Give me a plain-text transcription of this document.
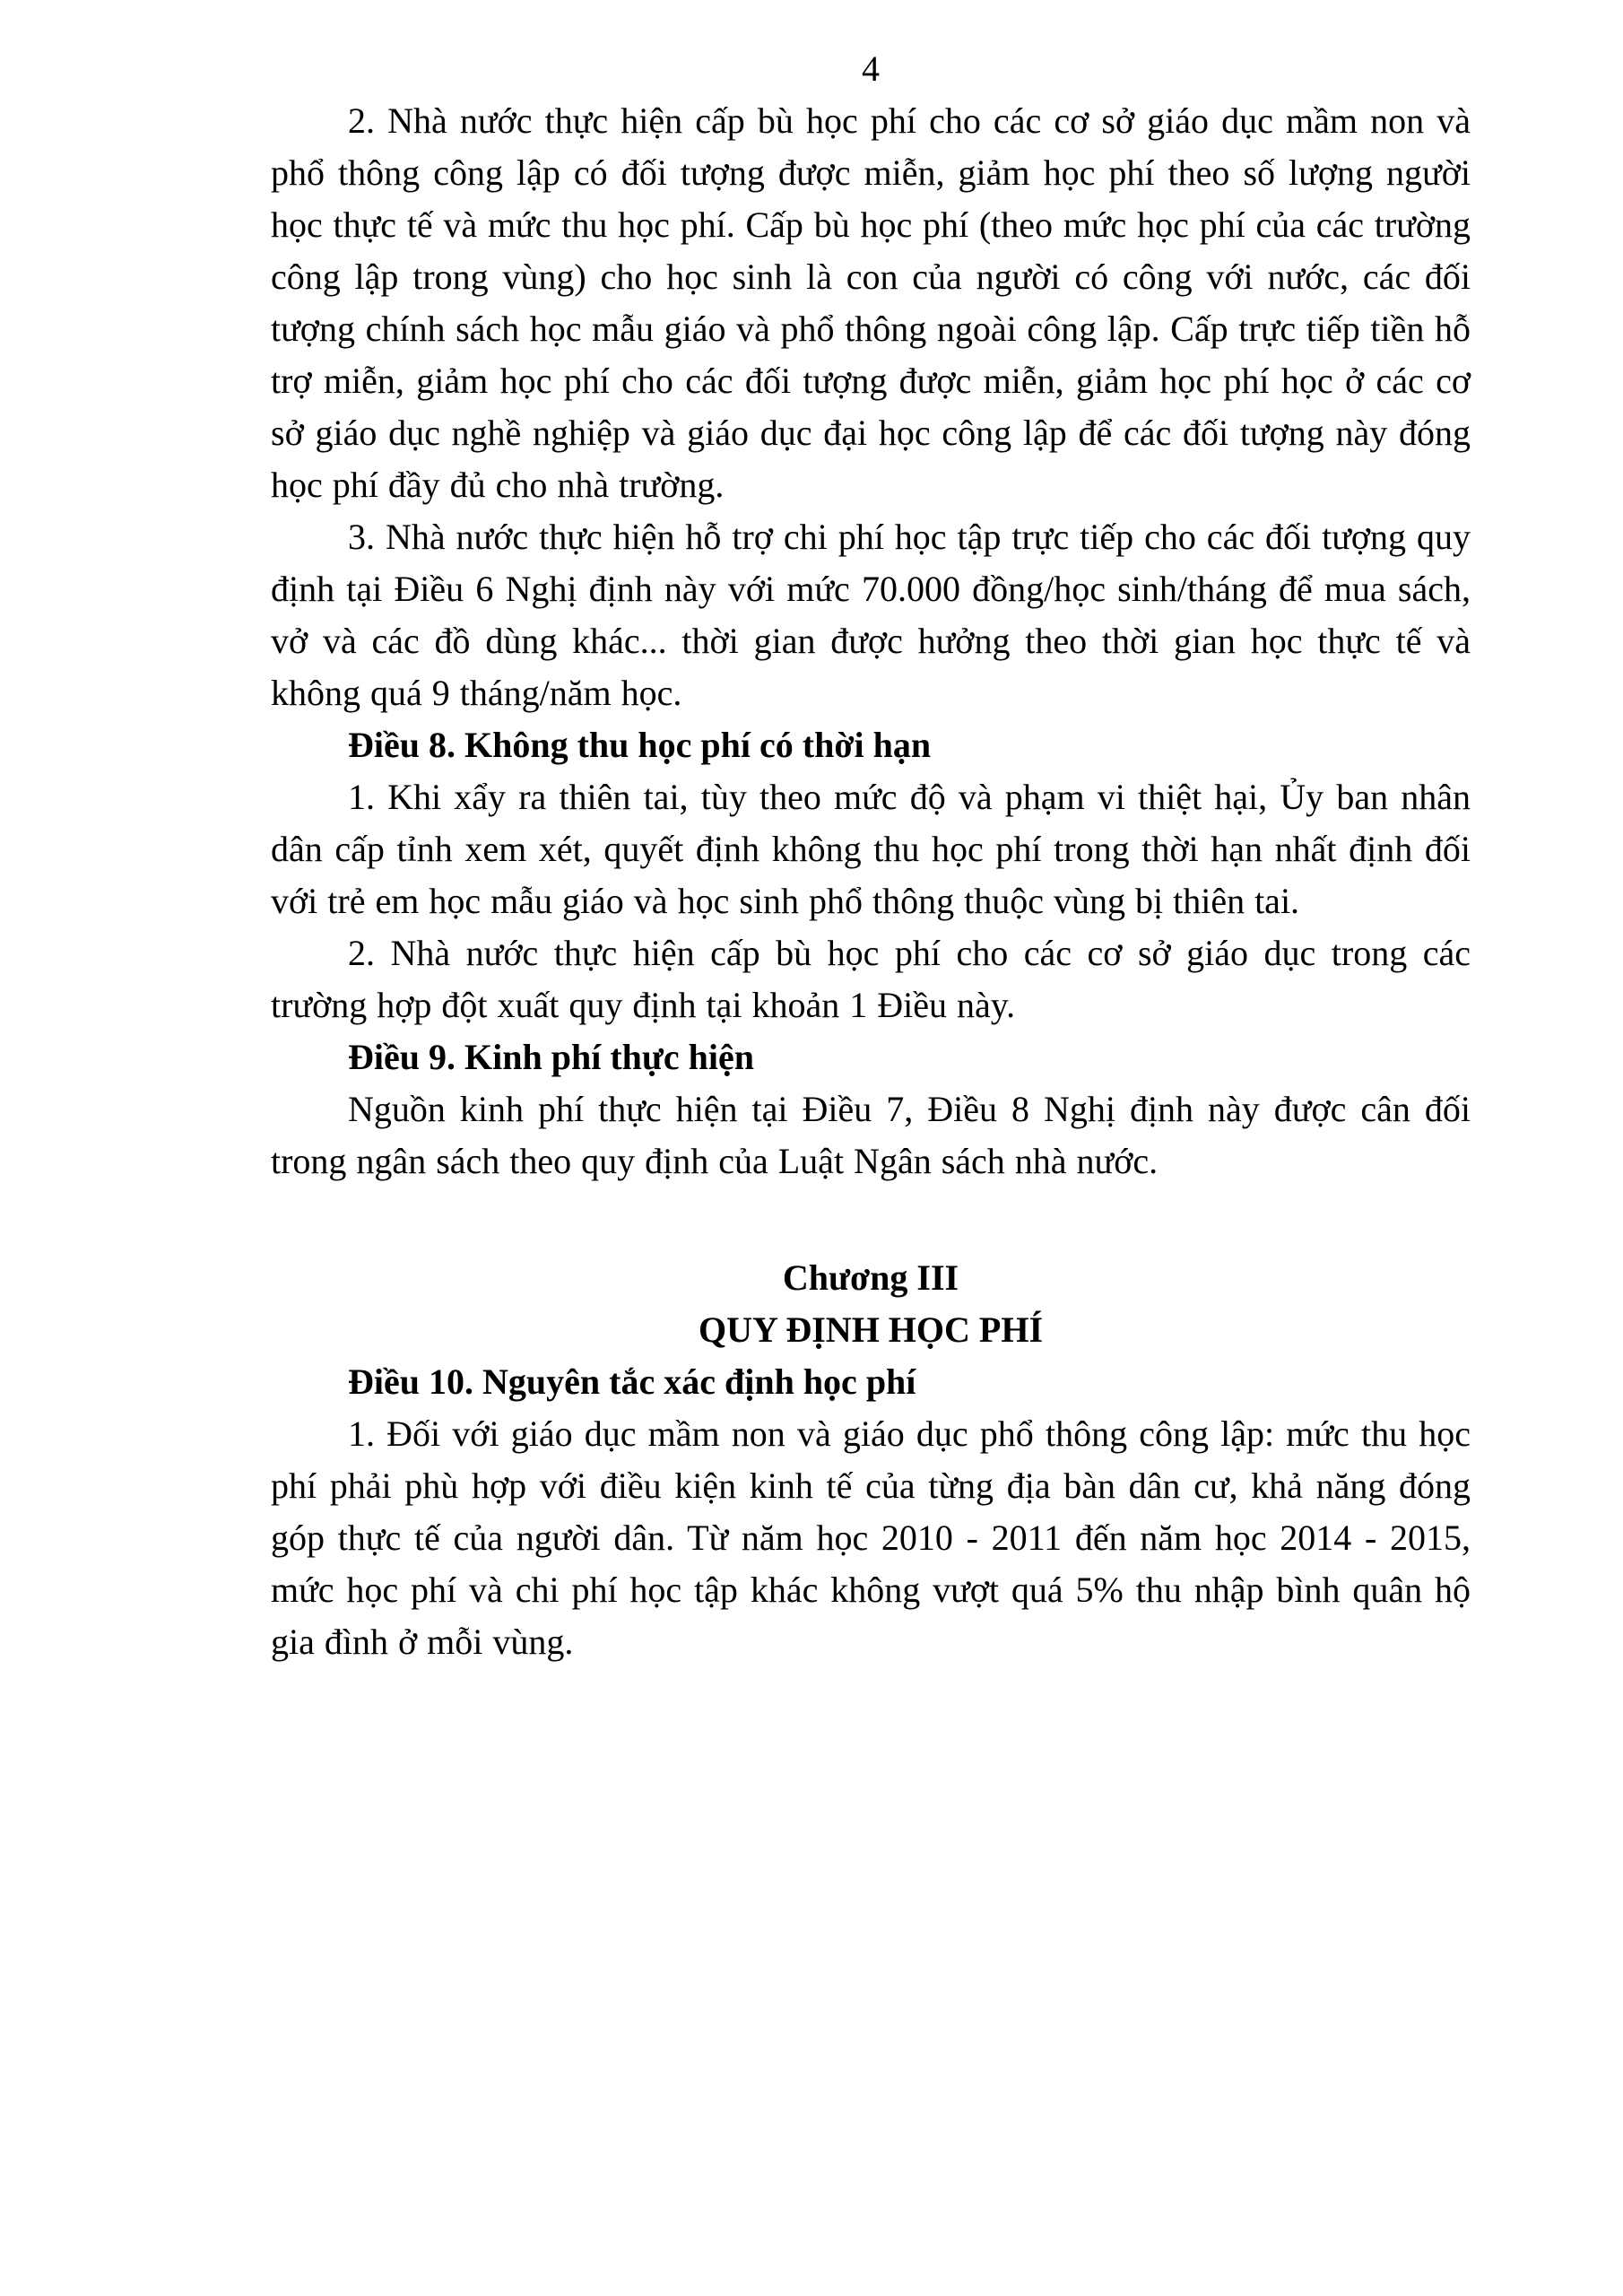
4

2. Nhà nước thực hiện cấp bù học phí cho các cơ sở giáo dục mầm non và phổ thông công lập có đối tượng được miễn, giảm học phí theo số lượng người học thực tế và mức thu học phí. Cấp bù học phí (theo mức học phí của các trường công lập trong vùng) cho học sinh là con của người có công với nước, các đối tượng chính sách học mẫu giáo và phổ thông ngoài công lập. Cấp trực tiếp tiền hỗ trợ miễn, giảm học phí cho các đối tượng được miễn, giảm học phí học ở các cơ sở giáo dục nghề nghiệp và giáo dục đại học công lập để các đối tượng này đóng học phí đầy đủ cho nhà trường.

3. Nhà nước thực hiện hỗ trợ chi phí học tập trực tiếp cho các đối tượng quy định tại Điều 6 Nghị định này với mức 70.000 đồng/học sinh/tháng để mua sách, vở và các đồ dùng khác... thời gian được hưởng theo thời gian học thực tế và không quá 9 tháng/năm học.

Điều 8. Không thu học phí có thời hạn

1. Khi xẩy ra thiên tai, tùy theo mức độ và phạm vi thiệt hại, Ủy ban nhân dân cấp tỉnh xem xét, quyết định không thu học phí trong thời hạn nhất định đối với trẻ em học mẫu giáo và học sinh phổ thông thuộc vùng bị thiên tai.

2. Nhà nước thực hiện cấp bù học phí cho các cơ sở giáo dục trong các trường hợp đột xuất quy định tại khoản 1 Điều này.

Điều 9. Kinh phí thực hiện

Nguồn kinh phí thực hiện tại Điều 7, Điều 8 Nghị định này được cân đối trong ngân sách theo quy định của Luật Ngân sách nhà nước.

Chương III

QUY ĐỊNH HỌC PHÍ

Điều 10. Nguyên tắc xác định học phí

1. Đối với giáo dục mầm non và giáo dục phổ thông công lập: mức thu học phí phải phù hợp với điều kiện kinh tế của từng địa bàn dân cư, khả năng đóng góp thực tế của người dân. Từ năm học 2010 - 2011 đến năm học 2014 - 2015, mức học phí và chi phí học tập khác không vượt quá 5% thu nhập bình quân hộ gia đình ở mỗi vùng.
